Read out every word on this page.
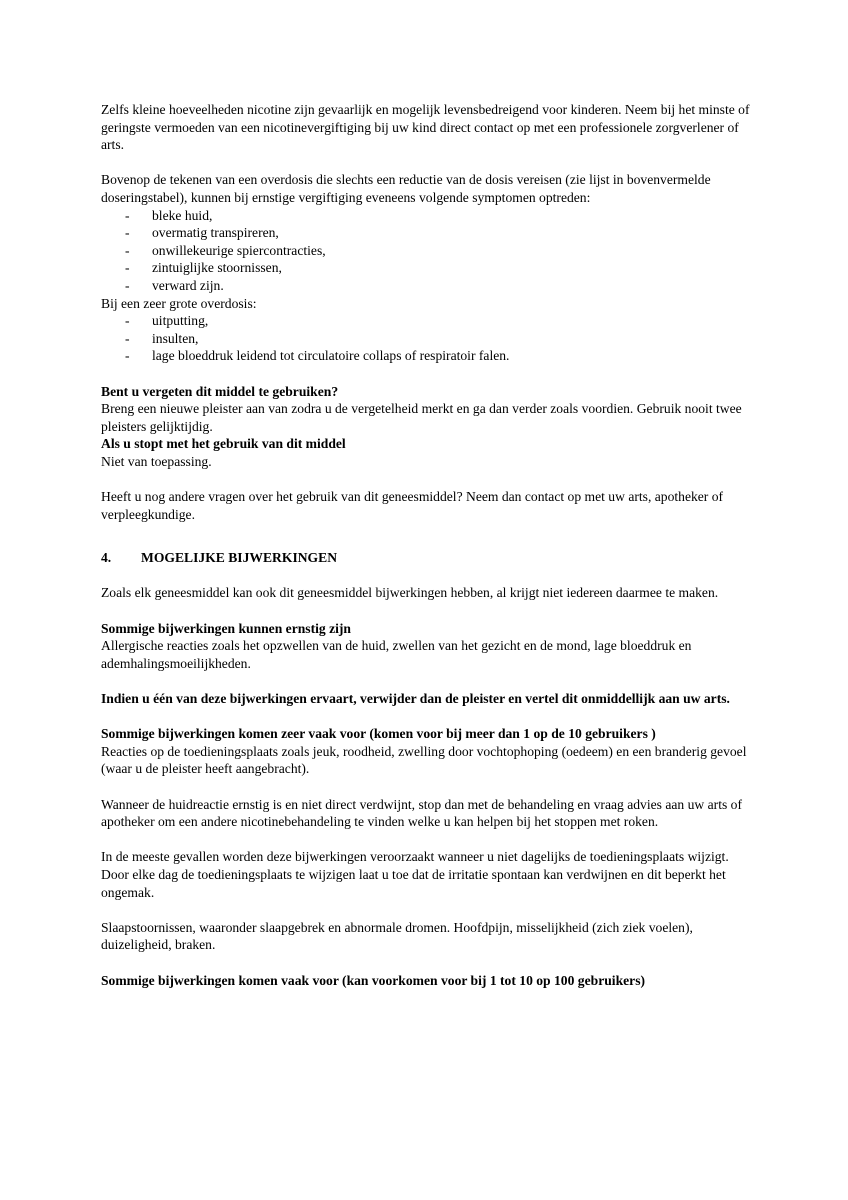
Zelfs kleine hoeveelheden nicotine zijn gevaarlijk en mogelijk levensbedreigend voor kinderen. Neem bij het minste of geringste vermoeden van een nicotinevergiftiging bij uw kind direct contact op met een professionele zorgverlener of arts.

Bovenop de tekenen van een overdosis die slechts een reductie van de dosis vereisen (zie lijst in bovenvermelde doseringstabel), kunnen bij ernstige vergiftiging eveneens volgende symptomen optreden:

- bleke huid,
- overmatig transpireren,
- onwillekeurige spiercontracties,
- zintuiglijke stoornissen,
- verward zijn.

Bij een zeer grote overdosis:

- uitputting,
- insulten,
- lage bloeddruk leidend tot circulatoire collaps of respiratoir falen.

Bent u vergeten dit middel te gebruiken?

Breng een nieuwe pleister aan van zodra u de vergetelheid merkt en ga dan verder zoals voordien. Gebruik nooit twee pleisters gelijktijdig.

Als u stopt met het gebruik van dit middel

Niet van toepassing.

Heeft u nog andere vragen over het gebruik van dit geneesmiddel? Neem dan contact op met uw arts, apotheker of verpleegkundige.

4. MOGELIJKE BIJWERKINGEN

Zoals elk geneesmiddel kan ook dit geneesmiddel bijwerkingen hebben, al krijgt niet iedereen daarmee te maken.

Sommige bijwerkingen kunnen ernstig zijn

Allergische reacties zoals het opzwellen van de huid, zwellen van het gezicht en de mond, lage bloeddruk en ademhalingsmoeilijkheden.

Indien u één van deze bijwerkingen ervaart, verwijder dan de pleister en vertel dit onmiddellijk aan uw arts.

Sommige bijwerkingen komen zeer vaak voor (komen voor bij meer dan 1 op de 10 gebruikers )

Reacties op de toedieningsplaats zoals jeuk, roodheid, zwelling door vochtophoping (oedeem) en een branderig gevoel (waar u de pleister heeft aangebracht).

Wanneer de huidreactie ernstig is en niet direct verdwijnt, stop dan met de behandeling en vraag advies aan uw arts of apotheker om een andere nicotinebehandeling te vinden welke u kan helpen bij het stoppen met roken.

In de meeste gevallen worden deze bijwerkingen veroorzaakt wanneer u niet dagelijks de toedieningsplaats wijzigt. Door elke dag de toedieningsplaats te wijzigen laat u toe dat de irritatie spontaan kan verdwijnen en dit beperkt het ongemak.

Slaapstoornissen, waaronder slaapgebrek en abnormale dromen. Hoofdpijn, misselijkheid (zich ziek voelen), duizeligheid, braken.

Sommige bijwerkingen komen vaak voor (kan voorkomen voor bij 1 tot 10 op 100 gebruikers)
